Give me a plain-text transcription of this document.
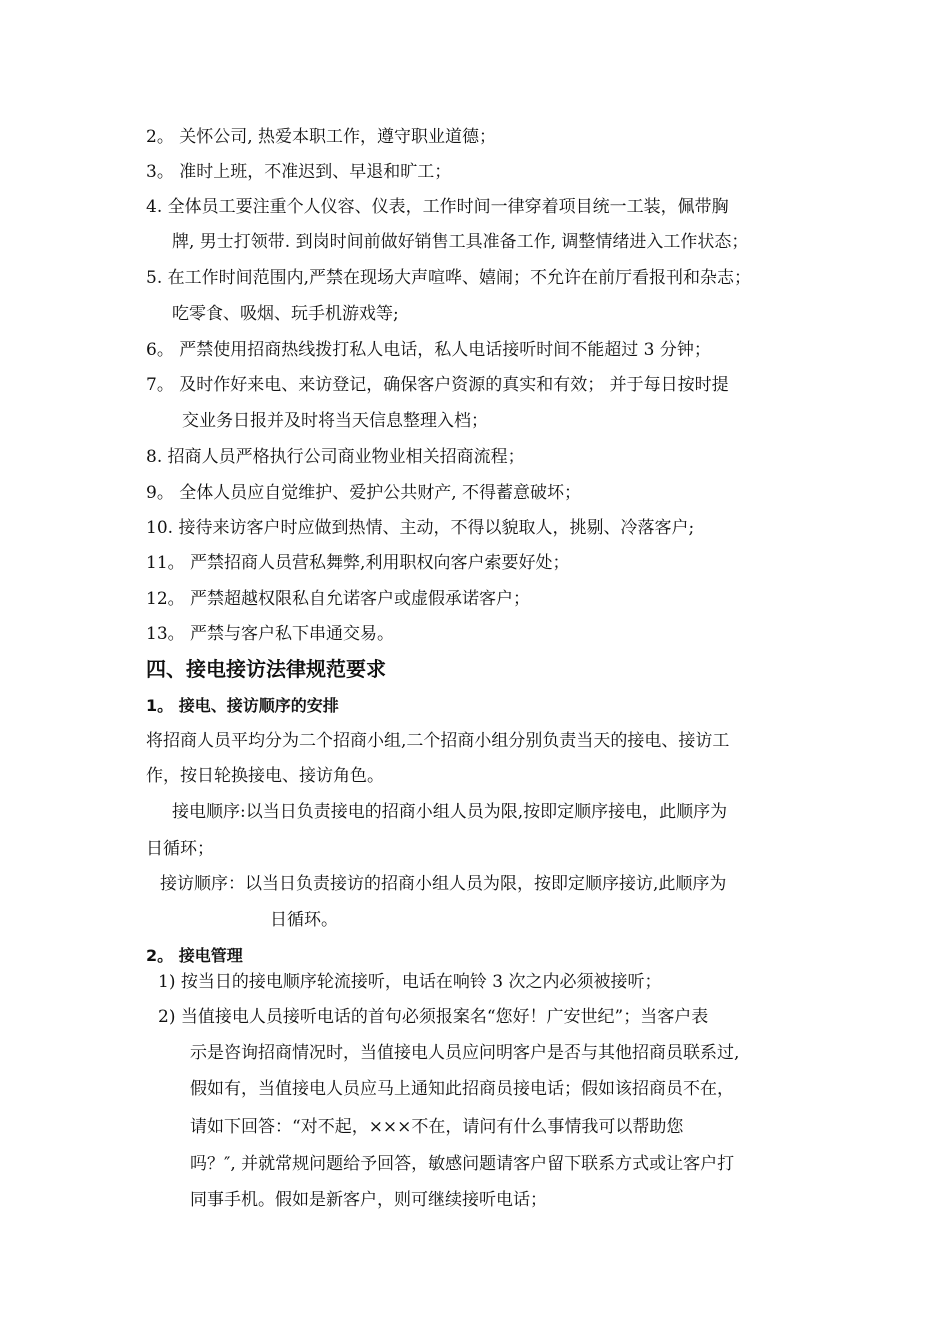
2。 关怀公司, 热爱本职工作，遵守职业道德；
3。 准时上班，不准迟到、早退和旷工；
4. 全体员工要注重个人仪容、仪表，工作时间一律穿着项目统一工装，佩带胸
牌, 男士打领带. 到岗时间前做好销售工具准备工作, 调整情绪进入工作状态；
5. 在工作时间范围内,严禁在现场大声喧哗、嬉闹；不允许在前厅看报刊和杂志；
吃零食、吸烟、玩手机游戏等;
6。 严禁使用招商热线拨打私人电话，私人电话接听时间不能超过 3 分钟；
7。 及时作好来电、来访登记，确保客户资源的真实和有效； 并于每日按时提
交业务日报并及时将当天信息整理入档；
8. 招商人员严格执行公司商业物业相关招商流程；
9。 全体人员应自觉维护、爱护公共财产, 不得蓄意破坏；
10. 接待来访客户时应做到热情、主动，不得以貌取人，挑剔、冷落客户;
11。 严禁招商人员营私舞弊,利用职权向客户索要好处；
12。 严禁超越权限私自允诺客户或虚假承诺客户；
13。 严禁与客户私下串通交易。
四、接电接访法律规范要求
1。 接电、接访顺序的安排
将招商人员平均分为二个招商小组,二个招商小组分别负责当天的接电、接访工
作，按日轮换接电、接访角色。
接电顺序:以当日负责接电的招商小组人员为限,按即定顺序接电，此顺序为
日循环；
接访顺序：以当日负责接访的招商小组人员为限，按即定顺序接访,此顺序为
日循环。
2。 接电管理
1) 按当日的接电顺序轮流接听，电话在响铃 3 次之内必须被接听；
2) 当值接电人员接听电话的首句必须报案名“您好！广安世纪”；当客户表
示是咨询招商情况时，当值接电人员应问明客户是否与其他招商员联系过,
假如有，当值接电人员应马上通知此招商员接电话；假如该招商员不在，
请如下回答：“对不起，×××不在，请问有什么事情我可以帮助您
吗？″, 并就常规问题给予回答，敏感问题请客户留下联系方式或让客户打
同事手机。假如是新客户，则可继续接听电话；
